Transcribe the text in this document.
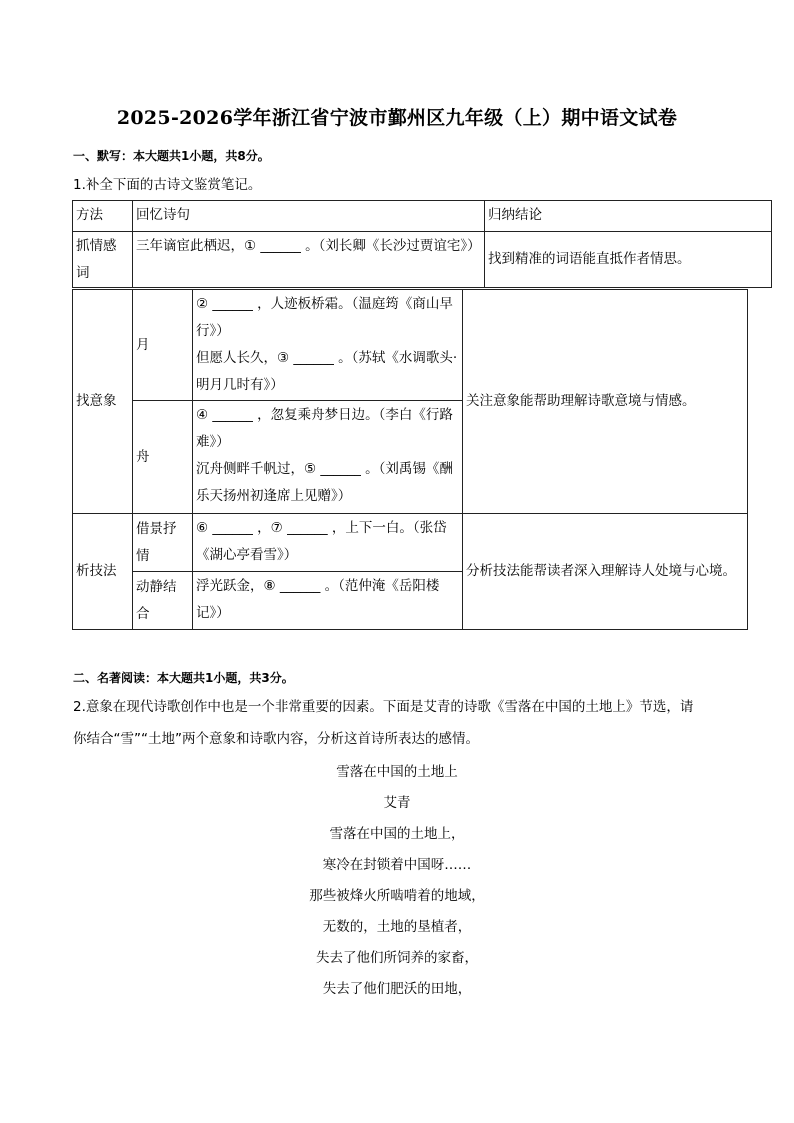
2025-2026学年浙江省宁波市鄞州区九年级（上）期中语文试卷
一、默写：本大题共1小题，共8分。
1.补全下面的古诗文鉴赏笔记。
方法	回忆诗句	归纳结论
抓情感词
三年谪宦此栖迟，① ______ 。（刘长卿《长沙过贾谊宅》）
找到精准的词语能直抵作者情思。
找意象
月
② ______ ，人迹板桥霜。（温庭筠《商山早行》）
但愿人长久，③ ______ 。（苏轼《水调歌头·明月几时有》）
舟
④ ______ ，忽复乘舟梦日边。（李白《行路难》）
沉舟侧畔千帆过，⑤ ______ 。（刘禹锡《酬乐天扬州初逢席上见赠》）
关注意象能帮助理解诗歌意境与情感。
析技法
借景抒情
⑥ ______ ，⑦ ______ ，上下一白。（张岱《湖心亭看雪》）
动静结合
浮光跃金，⑧ ______ 。（范仲淹《岳阳楼记》）
分析技法能帮读者深入理解诗人处境与心境。
二、名著阅读：本大题共1小题，共3分。
2.意象在现代诗歌创作中也是一个非常重要的因素。下面是艾青的诗歌《雪落在中国的土地上》节选，请
你结合“雪”“土地”两个意象和诗歌内容，分析这首诗所表达的感情。
雪落在中国的土地上
艾青
雪落在中国的土地上，
寒冷在封锁着中国呀……
那些被烽火所啮啃着的地域，
无数的，土地的垦植者，
失去了他们所饲养的家畜，
失去了他们肥沃的田地，
